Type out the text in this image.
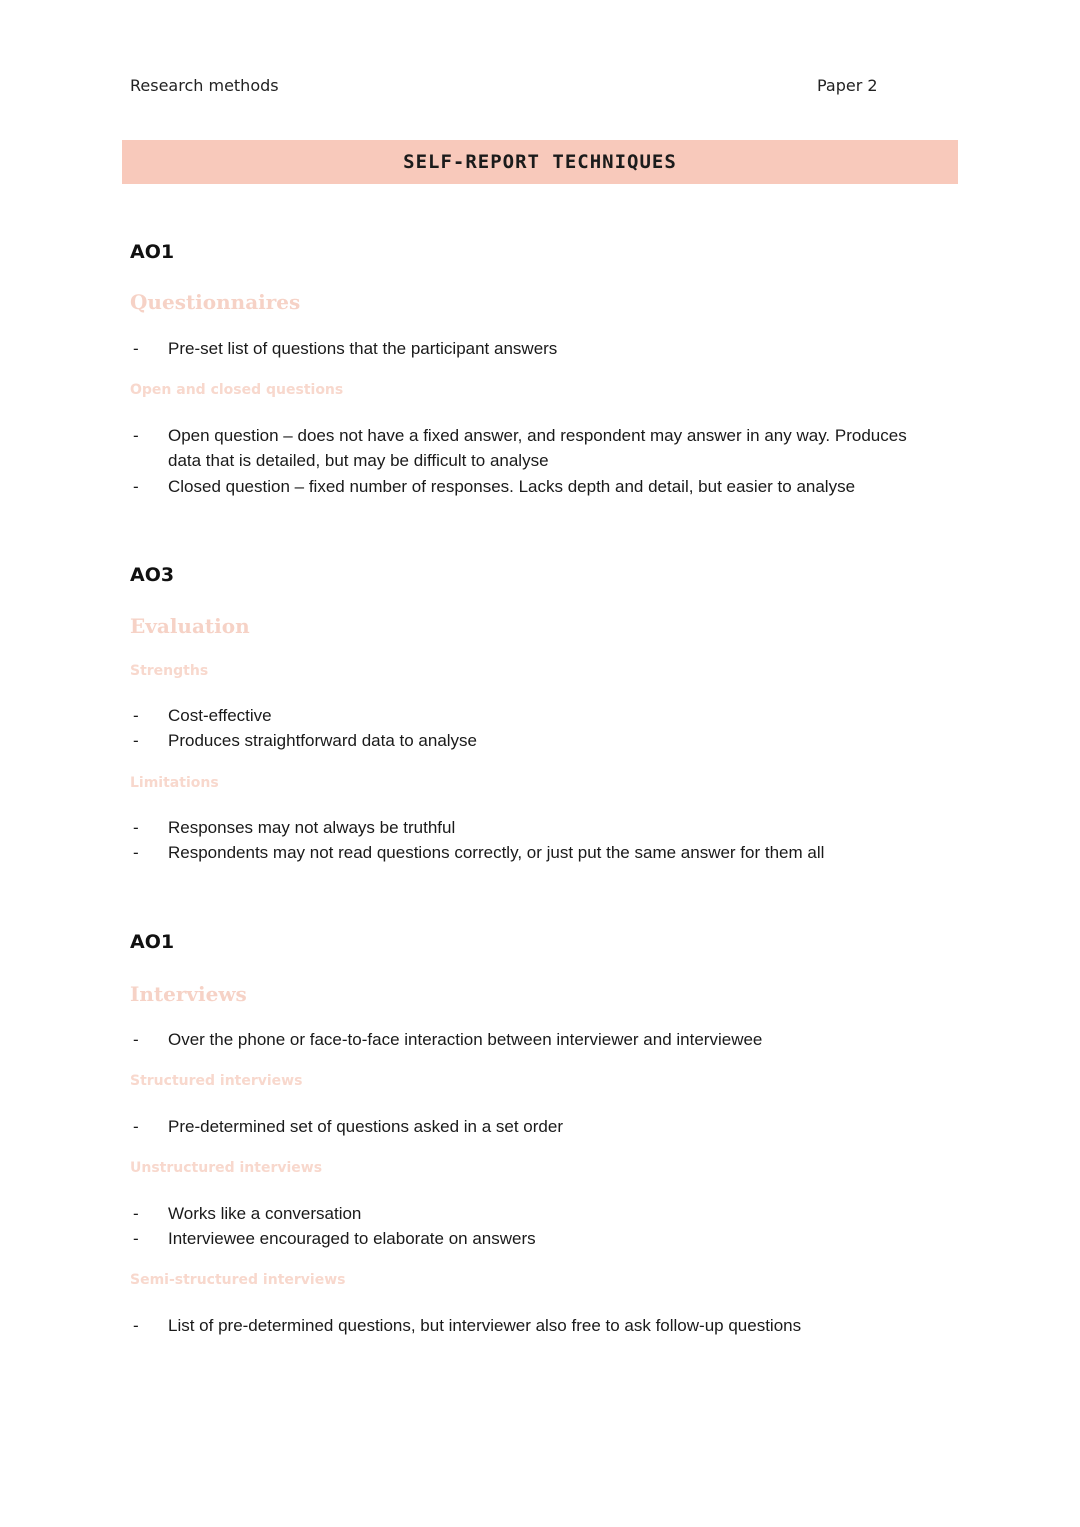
Research methods	Paper 2
SELF-REPORT TECHNIQUES
AO1
Questionnaires
-	Pre-set list of questions that the participant answers
Open and closed questions
-	Open question – does not have a fixed answer, and respondent may answer in any way. Produces data that is detailed, but may be difficult to analyse
-	Closed question – fixed number of responses. Lacks depth and detail, but easier to analyse
AO3
Evaluation
Strengths
-	Cost-effective
-	Produces straightforward data to analyse
Limitations
-	Responses may not always be truthful
-	Respondents may not read questions correctly, or just put the same answer for them all
AO1
Interviews
-	Over the phone or face-to-face interaction between interviewer and interviewee
Structured interviews
-	Pre-determined set of questions asked in a set order
Unstructured interviews
-	Works like a conversation
-	Interviewee encouraged to elaborate on answers
Semi-structured interviews
-	List of pre-determined questions, but interviewer also free to ask follow-up questions
